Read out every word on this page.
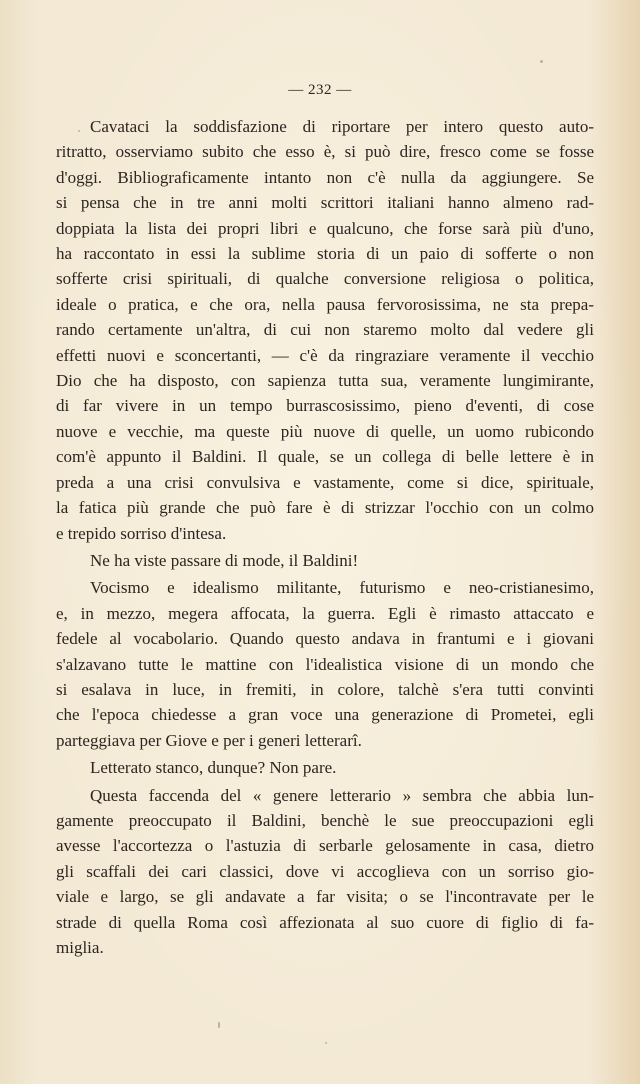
— 232 —
Cavataci la soddisfazione di riportare per intero questo auto-
ritratto, osserviamo subito che esso è, si può dire, fresco come se fosse
d'oggi. Bibliograficamente intanto non c'è nulla da aggiungere. Se
si pensa che in tre anni molti scrittori italiani hanno almeno rad-
doppiata la lista dei propri libri e qualcuno, che forse sarà più d'uno,
ha raccontato in essi la sublime storia di un paio di sofferte o non
sofferte crisi spirituali, di qualche conversione religiosa o politica,
ideale o pratica, e che ora, nella pausa fervorosissima, ne sta prepa-
rando certamente un'altra, di cui non staremo molto dal vedere gli
effetti nuovi e sconcertanti, — c'è da ringraziare veramente il vecchio
Dio che ha disposto, con sapienza tutta sua, veramente lungimirante,
di far vivere in un tempo burrascosissimo, pieno d'eventi, di cose
nuove e vecchie, ma queste più nuove di quelle, un uomo rubicondo
com'è appunto il Baldini. Il quale, se un collega di belle lettere è in
preda a una crisi convulsiva e vastamente, come si dice, spirituale,
la fatica più grande che può fare è di strizzar l'occhio con un colmo
e trepido sorriso d'intesa.
Ne ha viste passare di mode, il Baldini!
Vocismo e idealismo militante, futurismo e neo-cristianesimo,
e, in mezzo, megera affocata, la guerra. Egli è rimasto attaccato e
fedele al vocabolario. Quando questo andava in frantumi e i giovani
s'alzavano tutte le mattine con l'idealistica visione di un mondo che
si esalava in luce, in fremiti, in colore, talchè s'era tutti convinti
che l'epoca chiedesse a gran voce una generazione di Prometei, egli
parteggiava per Giove e per i generi letterarî.
Letterato stanco, dunque? Non pare.
Questa faccenda del « genere letterario » sembra che abbia lun-
gamente preoccupato il Baldini, benchè le sue preoccupazioni egli
avesse l'accortezza o l'astuzia di serbarle gelosamente in casa, dietro
gli scaffali dei cari classici, dove vi accoglieva con un sorriso gio-
viale e largo, se gli andavate a far visita; o se l'incontravate per le
strade di quella Roma così affezionata al suo cuore di figlio di fa-
miglia.
